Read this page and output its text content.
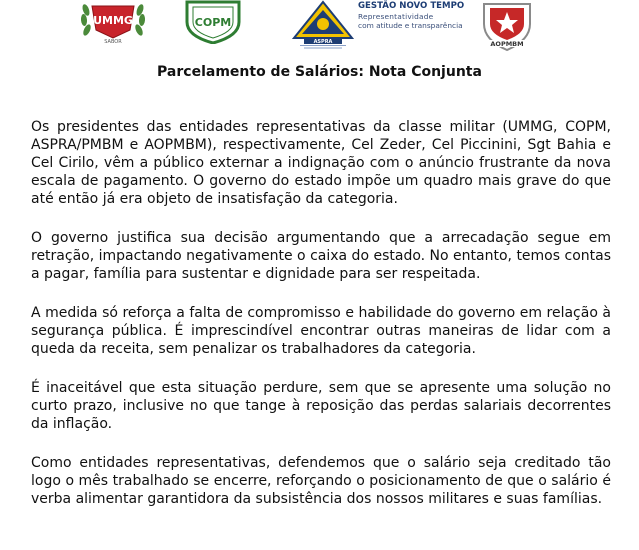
UMMG
SABOR
COPM
ASPRA
GESTÃO NOVO TEMPO
Representatividade
com atitude e transparência
AOPMBM
Parcelamento de Salários: Nota Conjunta

Os presidentes das entidades representativas da classe militar (UMMG, COPM, ASPRA/PMBM e AOPMBM), respectivamente, Cel Zeder, Cel Piccinini, Sgt Bahia e Cel Cirilo, vêm a público externar a indignação com o anúncio frustrante da nova escala de pagamento. O governo do estado impõe um quadro mais grave do que até então já era objeto de insatisfação da categoria.

O governo justifica sua decisão argumentando que a arrecadação segue em retração, impactando negativamente o caixa do estado. No entanto, temos contas a pagar, família para sustentar e dignidade para ser respeitada.

A medida só reforça a falta de compromisso e habilidade do governo em relação à segurança pública. É imprescindível encontrar outras maneiras de lidar com a queda da receita, sem penalizar os trabalhadores da categoria.

É inaceitável que esta situação perdure, sem que se apresente uma solução no curto prazo, inclusive no que tange à reposição das perdas salariais decorrentes da inflação.

Como entidades representativas, defendemos que o salário seja creditado tão logo o mês trabalhado se encerre, reforçando o posicionamento de que o salário é verba alimentar garantidora da subsistência dos nossos militares e suas famílias.
